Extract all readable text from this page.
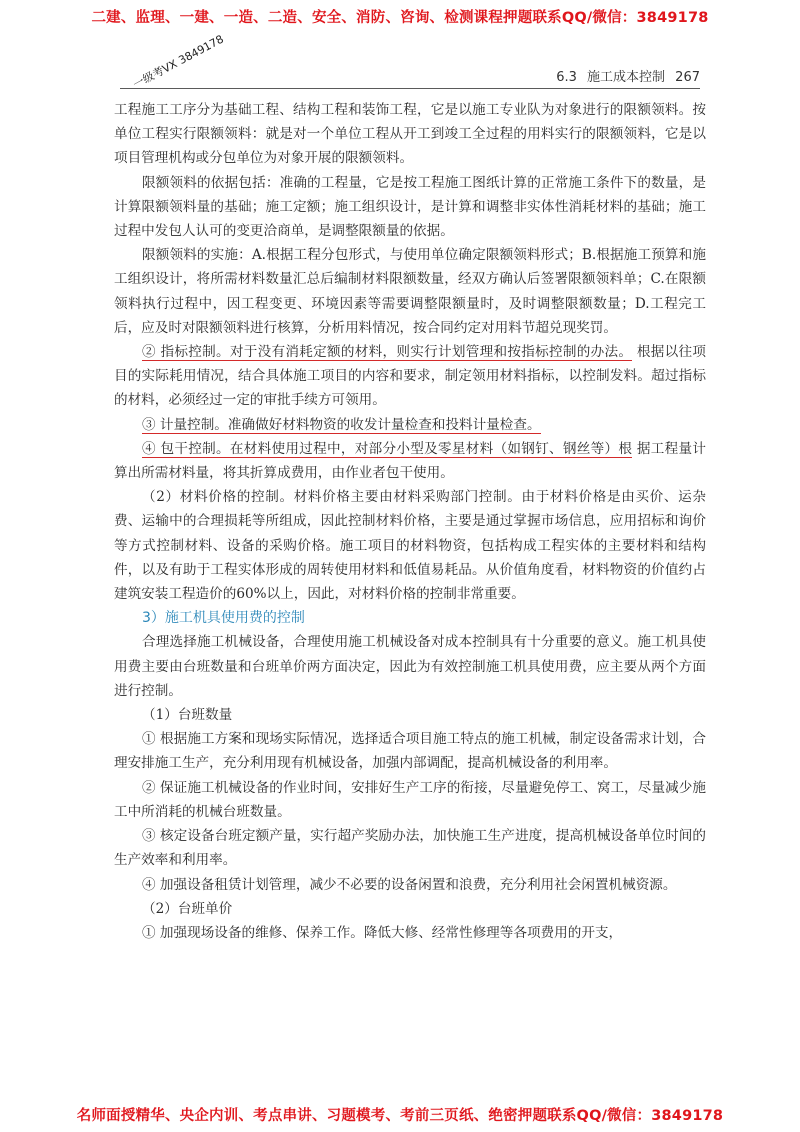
二建、监理、一建、一造、二造、安全、消防、咨询、检测课程押题联系QQ/微信：3849178
6.3 施工成本控制 267
一级考VX 3849178

工程施工工序分为基础工程、结构工程和装饰工程，它是以施工专业队为对象进行的限额领料。按单位工程实行限额领料：就是对一个单位工程从开工到竣工全过程的用料实行的限额领料，它是以项目管理机构或分包单位为对象开展的限额领料。

限额领料的依据包括：准确的工程量，它是按工程施工图纸计算的正常施工条件下的数量，是计算限额领料量的基础；施工定额；施工组织设计，是计算和调整非实体性消耗材料的基础；施工过程中发包人认可的变更洽商单，是调整限额量的依据。

限额领料的实施：A.根据工程分包形式，与使用单位确定限额领料形式；B.根据施工预算和施工组织设计，将所需材料数量汇总后编制材料限额数量，经双方确认后签署限额领料单；C.在限额领料执行过程中，因工程变更、环境因素等需要调整限额量时，及时调整限额数量；D.工程完工后，应及时对限额领料进行核算，分析用料情况，按合同约定对用料节超兑现奖罚。

② 指标控制。对于没有消耗定额的材料，则实行计划管理和按指标控制的办法。 根据以往项目的实际耗用情况，结合具体施工项目的内容和要求，制定领用材料指标，以控制发料。超过指标的材料，必须经过一定的审批手续方可领用。

③ 计量控制。准确做好材料物资的收发计量检查和投料计量检查。

④ 包干控制。在材料使用过程中，对部分小型及零星材料（如钢钉、钢丝等）根 据工程量计算出所需材料量，将其折算成费用，由作业者包干使用。

（2）材料价格的控制。材料价格主要由材料采购部门控制。由于材料价格是由买价、运杂费、运输中的合理损耗等所组成，因此控制材料价格，主要是通过掌握市场信息，应用招标和询价等方式控制材料、设备的采购价格。施工项目的材料物资，包括构成工程实体的主要材料和结构件，以及有助于工程实体形成的周转使用材料和低值易耗品。从价值角度看，材料物资的价值约占建筑安装工程造价的60%以上，因此，对材料价格的控制非常重要。

3）施工机具使用费的控制

合理选择施工机械设备，合理使用施工机械设备对成本控制具有十分重要的意义。施工机具使用费主要由台班数量和台班单价两方面决定，因此为有效控制施工机具使用费，应主要从两个方面进行控制。

（1）台班数量

① 根据施工方案和现场实际情况，选择适合项目施工特点的施工机械，制定设备需求计划，合理安排施工生产，充分利用现有机械设备，加强内部调配，提高机械设备的利用率。

② 保证施工机械设备的作业时间，安排好生产工序的衔接，尽量避免停工、窝工，尽量减少施工中所消耗的机械台班数量。

③ 核定设备台班定额产量，实行超产奖励办法，加快施工生产进度，提高机械设备单位时间的生产效率和利用率。

④ 加强设备租赁计划管理，减少不必要的设备闲置和浪费，充分利用社会闲置机械资源。

（2）台班单价

① 加强现场设备的维修、保养工作。降低大修、经常性修理等各项费用的开支，

名师面授精华、央企内训、考点串讲、习题模考、考前三页纸、绝密押题联系QQ/微信：3849178
